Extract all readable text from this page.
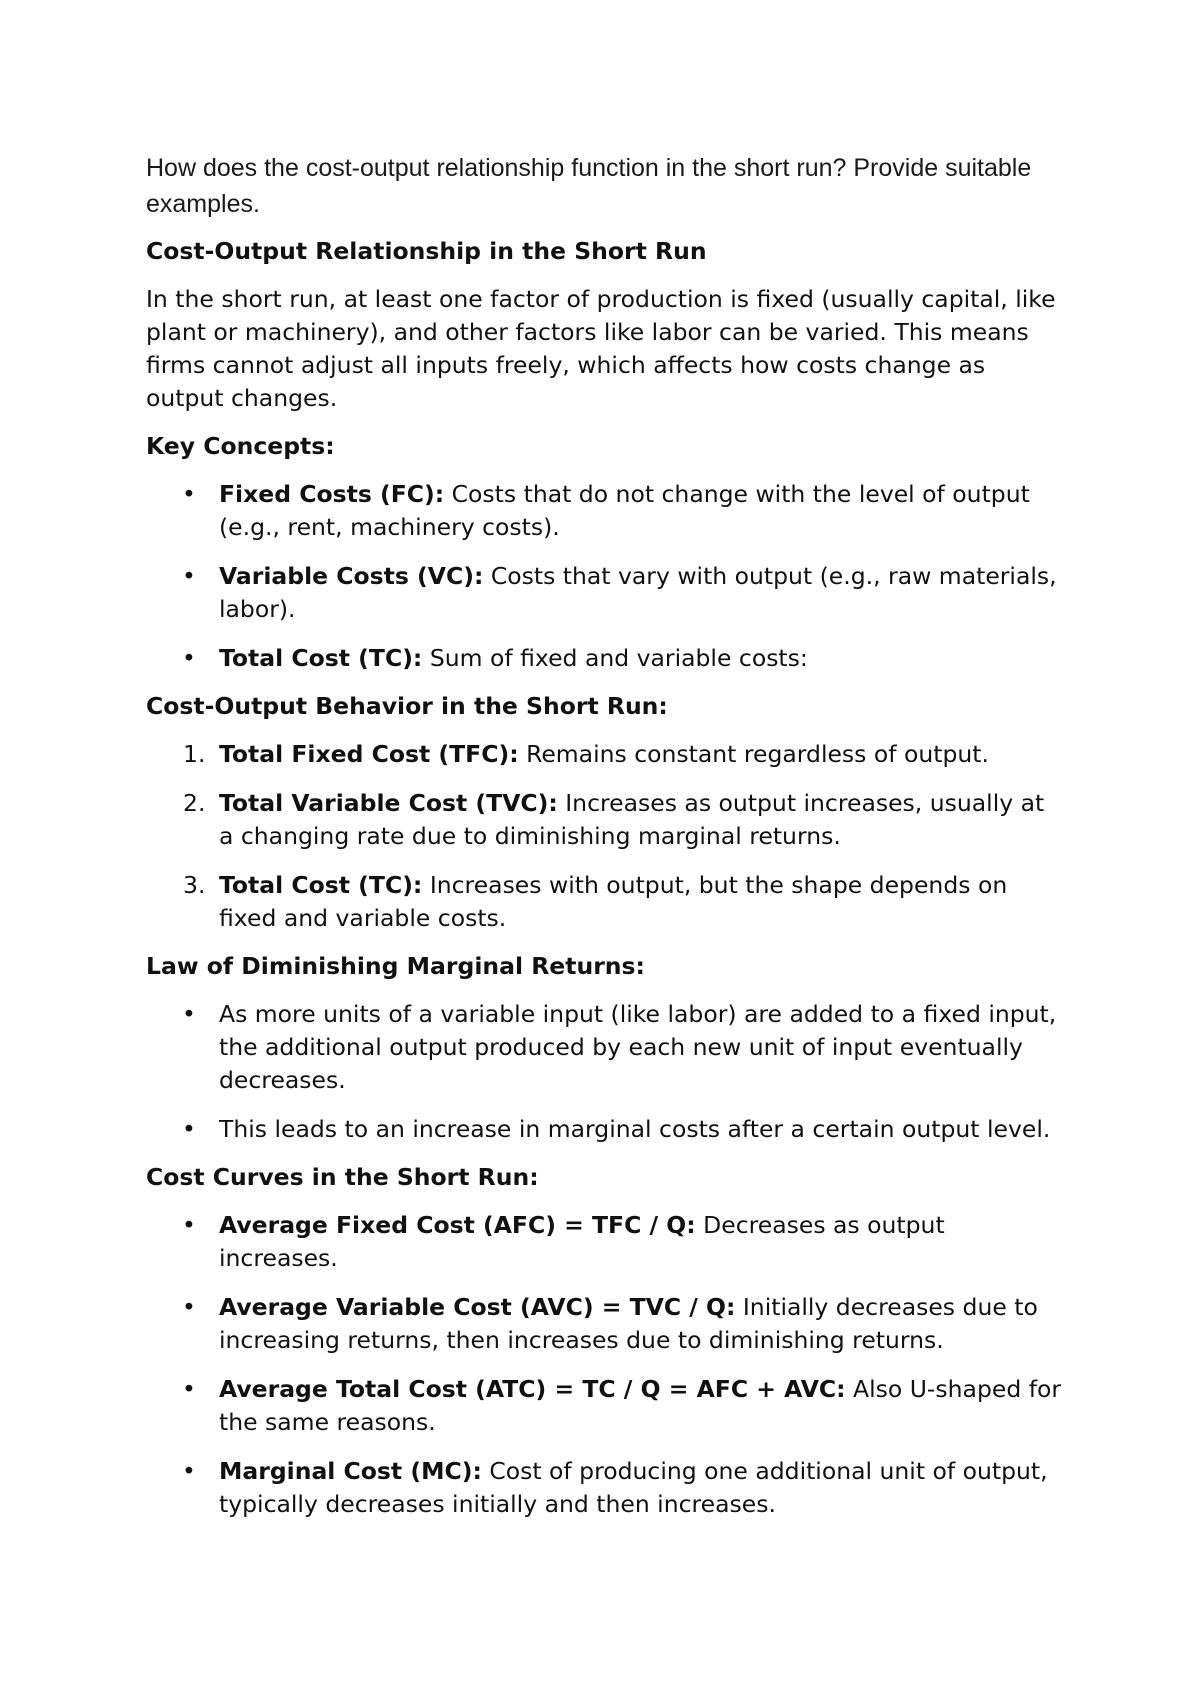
How does the cost-output relationship function in the short run? Provide suitable examples.

Cost-Output Relationship in the Short Run

In the short run, at least one factor of production is fixed (usually capital, like plant or machinery), and other factors like labor can be varied. This means firms cannot adjust all inputs freely, which affects how costs change as output changes.

Key Concepts:
• Fixed Costs (FC): Costs that do not change with the level of output (e.g., rent, machinery costs).
• Variable Costs (VC): Costs that vary with output (e.g., raw materials, labor).
• Total Cost (TC): Sum of fixed and variable costs:
Cost-Output Behavior in the Short Run:
1. Total Fixed Cost (TFC): Remains constant regardless of output.
2. Total Variable Cost (TVC): Increases as output increases, usually at a changing rate due to diminishing marginal returns.
3. Total Cost (TC): Increases with output, but the shape depends on fixed and variable costs.
Law of Diminishing Marginal Returns:
• As more units of a variable input (like labor) are added to a fixed input, the additional output produced by each new unit of input eventually decreases.
• This leads to an increase in marginal costs after a certain output level.
Cost Curves in the Short Run:
• Average Fixed Cost (AFC) = TFC / Q: Decreases as output increases.
• Average Variable Cost (AVC) = TVC / Q: Initially decreases due to increasing returns, then increases due to diminishing returns.
• Average Total Cost (ATC) = TC / Q = AFC + AVC: Also U-shaped for the same reasons.
• Marginal Cost (MC): Cost of producing one additional unit of output, typically decreases initially and then increases.
